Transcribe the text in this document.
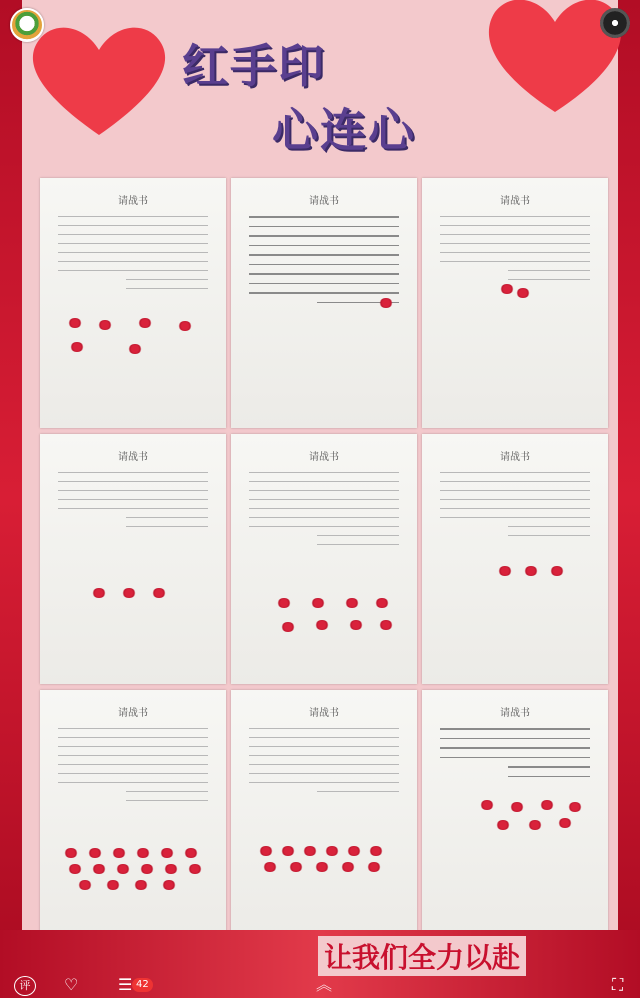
红手印
心连心
请战书	请战书	请战书
请战书	请战书	请战书
请战书	请战书	请战书
让我们全力以赴
评	♡ ☰	︽	⛶
42
